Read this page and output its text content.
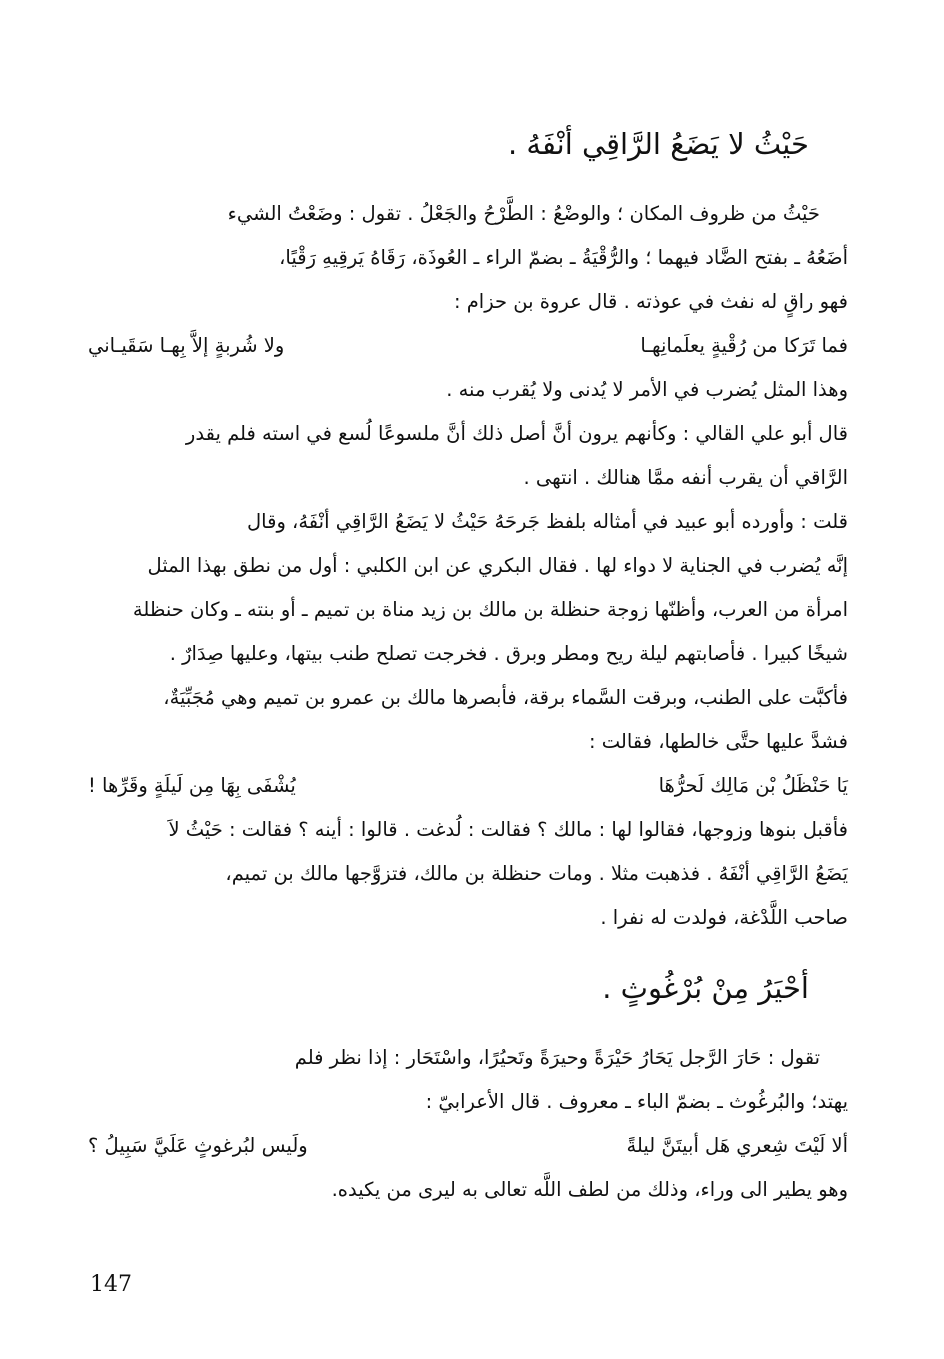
حَيْثُ لا يَضَعُ الرَّاقِي أنْفَهُ .
حَيْثُ من ظروف المكان ؛ والوضْعُ : الطَّرْحُ والجَعْلُ . تقول : وضَعْتُ الشيء
أضَعُهُ ـ بفتح الضَّاد فيهما ؛ والرُّقْيَةُ ـ بضمّ الراء ـ العُوذَة، رَقَاهُ يَرقِيهِ رَقْيًا،
فهو راقٍ له نفث في عوذته . قال عروة بن حزام :
فما تَرَكا من رُقْيةٍ يعلَمانِهـا
ولا شُربةٍ إلاَّ بِهـا سَقَيـاني
وهذا المثل يُضرب في الأمر لا يُدنى ولا يُقرب منه .
قال أبو علي القالي : وكأنهم يرون أنَّ أصل ذلك أنَّ ملسوعًا لُسع في استه فلم يقدر
الرَّاقي أن يقرب أنفه ممَّا هنالك . انتهى .
قلت : وأورده أبو عبيد في أمثاله بلفظ جَرحَهُ حَيْثُ لا يَضَعُ الرَّاقِي أنْفَهُ، وقال
إنَّه يُضرب في الجناية لا دواء لها . فقال البكري عن ابن الكلبي : أول من نطق بهذا المثل
امرأة من العرب، وأظنّها زوجة حنظلة بن مالك بن زيد مناة بن تميم ـ أو بنته ـ وكان حنظلة
شيخًا كبيرا . فأصابتهم ليلة ريح ومطر وبرق . فخرجت تصلح طنب بيتها، وعليها صِدَارٌ .
فأكبَّت على الطنب، وبرقت السَّماء برقة، فأبصرها مالك بن عمرو بن تميم وهي مُجَبِّيَةٌ،
فشدَّ عليها حتَّى خالطها، فقالت :
يَا حَنْظَلُ بْن مَالِك لَحرُّهَا
يُشْفَى بِهَا مِن لَيلَةٍ وقَرِّها !
فأقبل بنوها وزوجها، فقالوا لها : مالك ؟ فقالت : لُدغت . قالوا : أينه ؟ فقالت : حَيْثُ لاَ
يَضَعُ الرَّاقِي أنْفَهُ . فذهبت مثلا . ومات حنظلة بن مالك، فتزوَّجها مالك بن تميم،
صاحب اللَّدْغة، فولدت له نفرا .
أحْيَرُ مِنْ بُرْغُوثٍ .
تقول : حَارَ الرَّجل يَحَارُ حَيْرَةً وحيرَةً وتَحيُرًا، واسْتَحَار : إذا نظر فلم
يهتد؛ والبُرغُوث ـ بضمّ الباء ـ معروف . قال الأعرابيّ :
ألا لَيْتَ شِعري هَل أبيتَنَّ ليلةً
ولَيس لبُرغوثٍ عَلَيَّ سَبِيلُ ؟
وهو يطير الى وراء، وذلك من لطف اللَّه تعالى به ليرى من يكيده.
147
